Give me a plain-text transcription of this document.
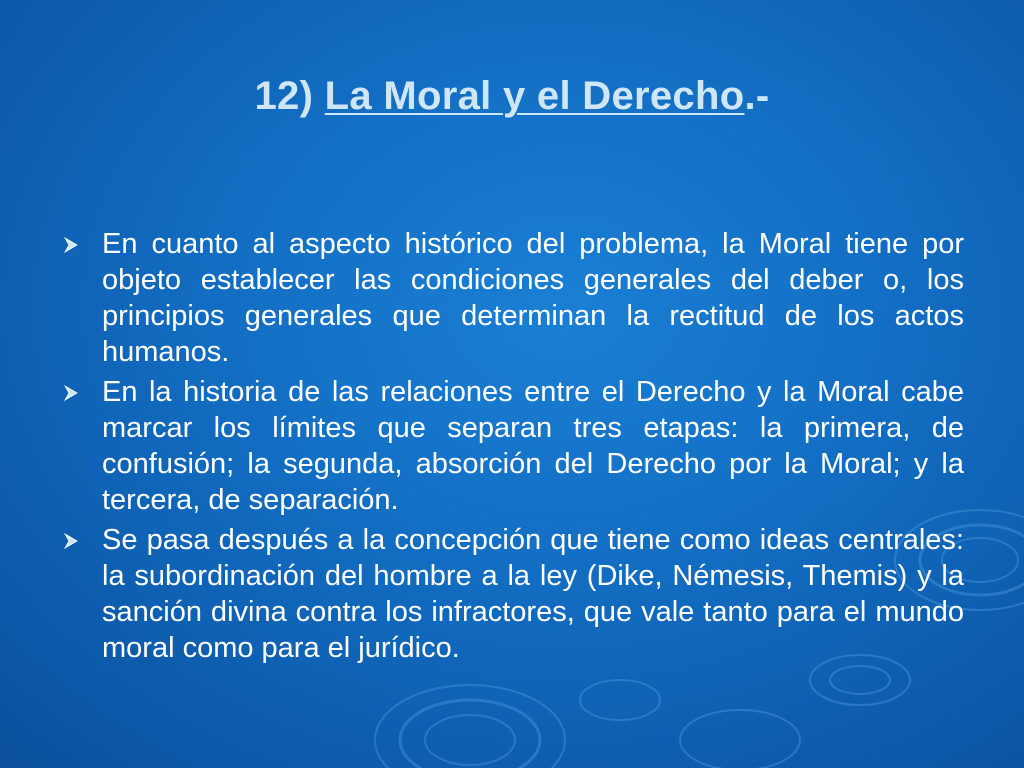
12) La Moral y el Derecho.-
En cuanto al aspecto histórico del problema, la Moral tiene por objeto establecer las condiciones generales del deber o, los principios generales que determinan la rectitud de los actos humanos.
En la historia de las relaciones entre el Derecho y la Moral cabe marcar los límites que separan tres etapas: la primera, de confusión; la segunda, absorción del Derecho por la Moral; y la tercera, de separación.
Se pasa después a la concepción que tiene como ideas centrales: la subordinación del hombre a la ley (Dike, Némesis, Themis) y la sanción divina contra los infractores, que vale tanto para el mundo moral como para el jurídico.
